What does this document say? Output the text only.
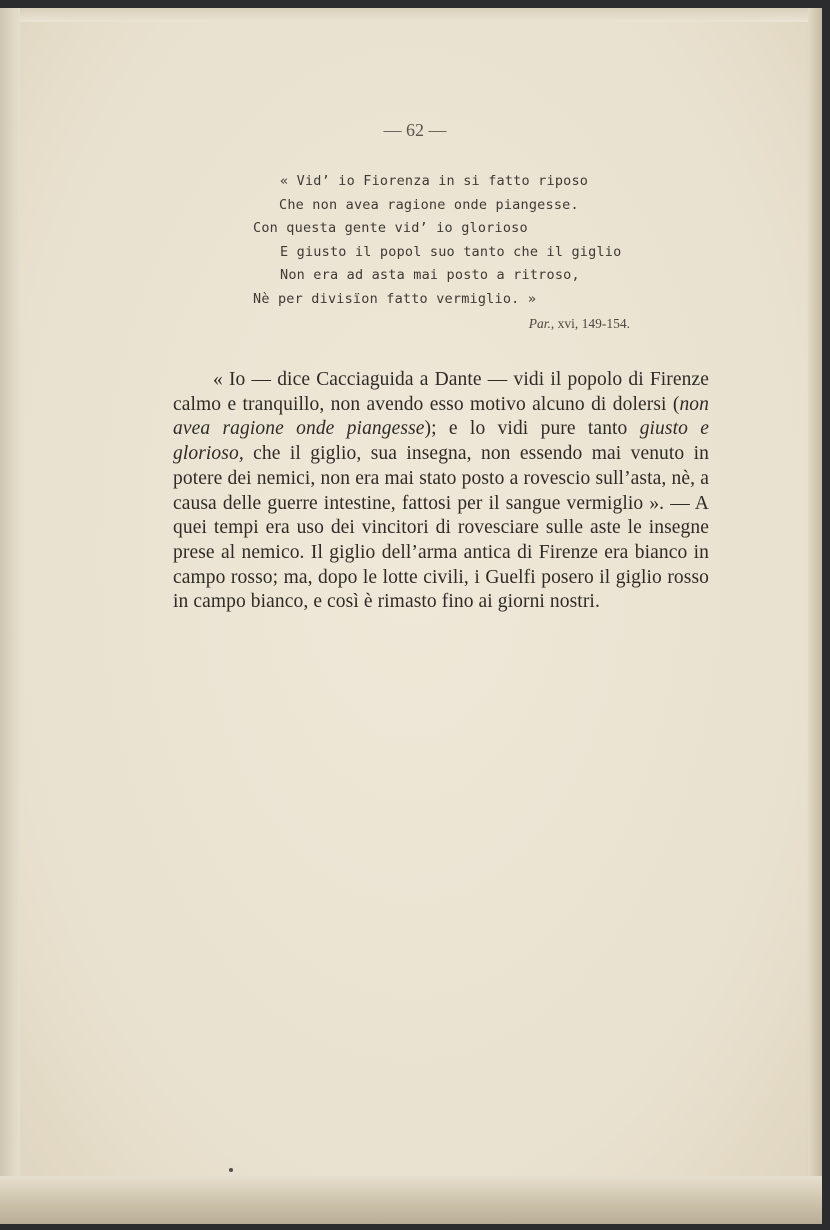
— 62 —
« Vid’ io Fiorenza in si fatto riposo
Che non avea ragione onde piangesse.
Con questa gente vid’ io glorioso
E giusto il popol suo tanto che il giglio
Non era ad asta mai posto a ritroso,
Nè per divisïon fatto vermiglio. »
Par., xvi, 149-154.
« Io — dice Cacciaguida a Dante — vidi il popolo di Firenze calmo e tranquillo, non avendo esso motivo alcuno di dolersi (non avea ragione onde piangesse); e lo vidi pure tanto giusto e glorioso, che il giglio, sua insegna, non essendo mai venuto in potere dei nemici, non era mai stato posto a rovescio sull’asta, nè, a causa delle guerre intestine, fattosi per il sangue vermiglio ». — A quei tempi era uso dei vincitori di rovesciare sulle aste le insegne prese al nemico. Il giglio dell’arma antica di Firenze era bianco in campo rosso; ma, dopo le lotte civili, i Guelfi posero il giglio rosso in campo bianco, e così è rimasto fino ai giorni nostri.
